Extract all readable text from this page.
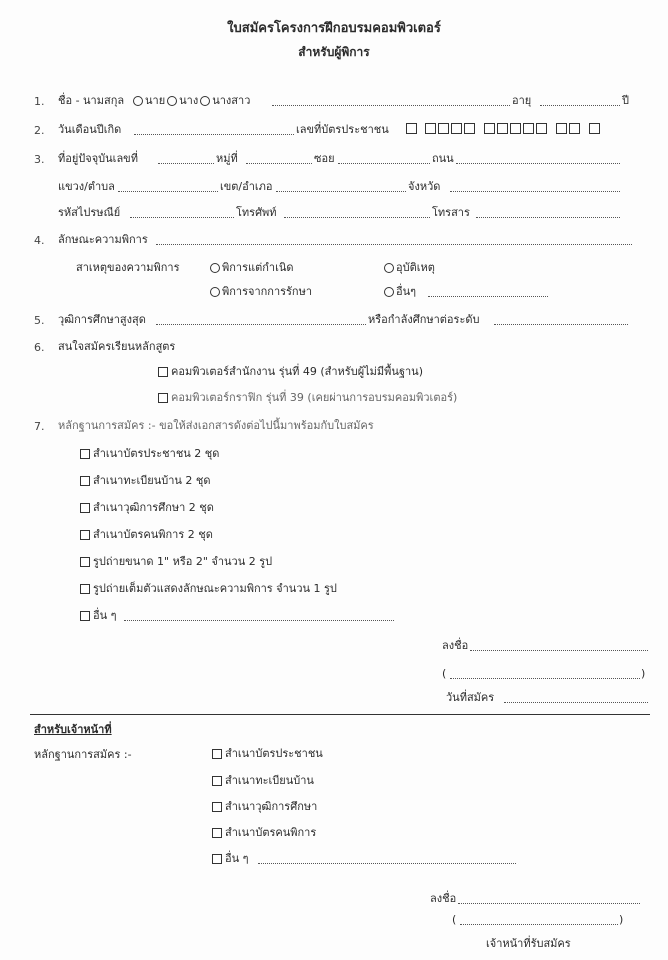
ใบสมัครโครงการฝึกอบรมคอมพิวเตอร์
สำหรับผู้พิการ
1. ชื่อ - นามสกุล	นาย นาง นางสาว	อายุ	ปี
2. วันเดือนปีเกิด	เลขที่บัตรประชาชน
3. ที่อยู่ปัจจุบันเลขที่	หมู่ที่	ซอย	ถนน
แขวง/ตำบล	เขต/อำเภอ	จังหวัด
รหัสไปรษณีย์	โทรศัพท์	โทรสาร
4. ลักษณะความพิการ
สาเหตุของความพิการ	พิการแต่กำเนิด	อุบัติเหตุ
พิการจากการรักษา	อื่นๆ
5. วุฒิการศึกษาสูงสุด	หรือกำลังศึกษาต่อระดับ
6. สนใจสมัครเรียนหลักสูตร
คอมพิวเตอร์สำนักงาน รุ่นที่ 49 (สำหรับผู้ไม่มีพื้นฐาน)
คอมพิวเตอร์กราฟิก รุ่นที่ 39 (เคยผ่านการอบรมคอมพิวเตอร์)
7. หลักฐานการสมัคร :- ขอให้ส่งเอกสารดังต่อไปนี้มาพร้อมกับใบสมัคร
สำเนาบัตรประชาชน 2 ชุด
สำเนาทะเบียนบ้าน 2 ชุด
สำเนาวุฒิการศึกษา 2 ชุด
สำเนาบัตรคนพิการ 2 ชุด
รูปถ่ายขนาด 1" หรือ 2" จำนวน 2 รูป
รูปถ่ายเต็มตัวแสดงลักษณะความพิการ จำนวน 1 รูป
อื่น ๆ
ลงชื่อ
(	)
วันที่สมัคร
สำหรับเจ้าหน้าที่
หลักฐานการสมัคร :-	สำเนาบัตรประชาชน
สำเนาทะเบียนบ้าน
สำเนาวุฒิการศึกษา
สำเนาบัตรคนพิการ
อื่น ๆ
ลงชื่อ
(	)
เจ้าหน้าที่รับสมัคร
